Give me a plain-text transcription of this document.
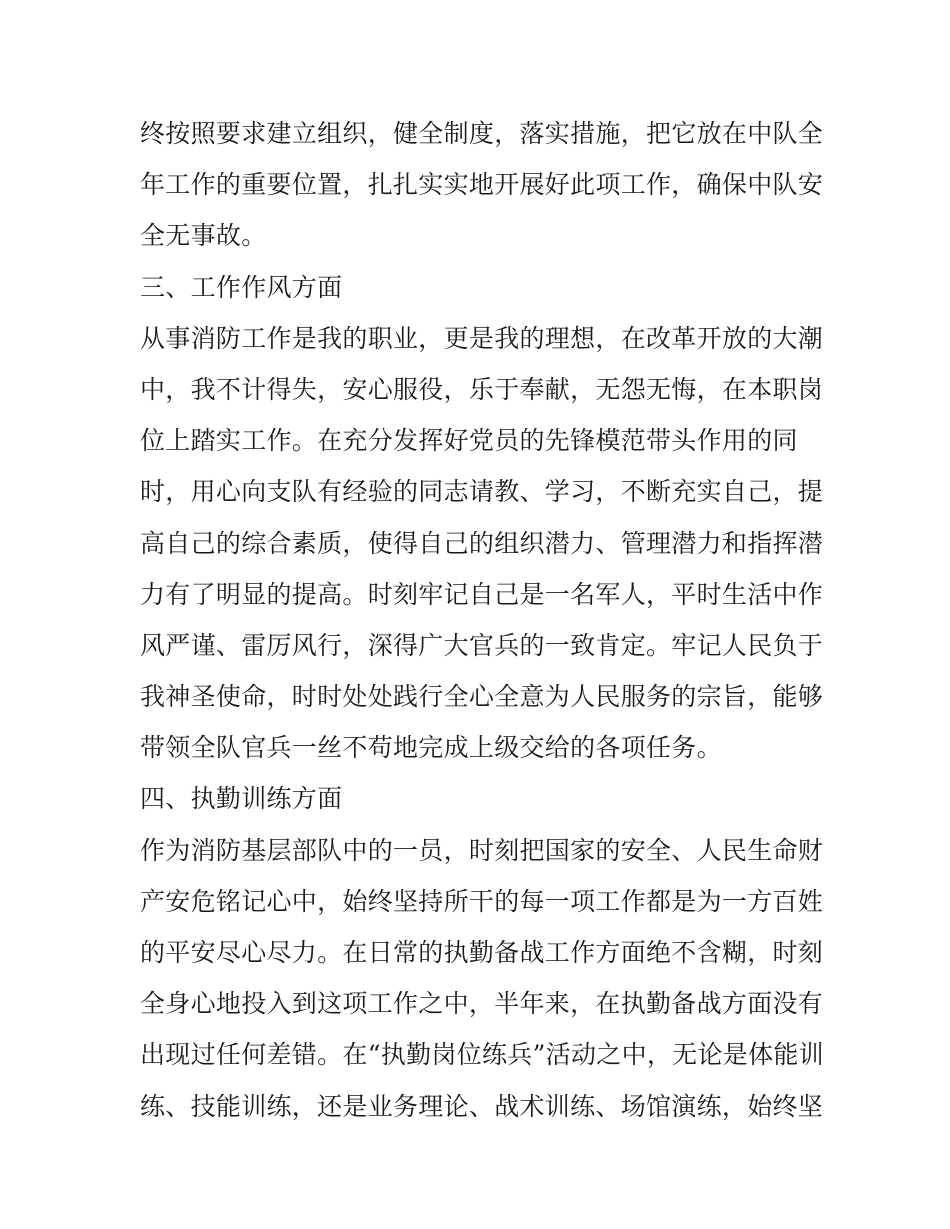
终按照要求建立组织，健全制度，落实措施，把它放在中队全
年工作的重要位置，扎扎实实地开展好此项工作，确保中队安
全无事故。
三、工作作风方面
从事消防工作是我的职业，更是我的理想，在改革开放的大潮
中，我不计得失，安心服役，乐于奉献，无怨无悔，在本职岗
位上踏实工作。在充分发挥好党员的先锋模范带头作用的同
时，用心向支队有经验的同志请教、学习，不断充实自己，提
高自己的综合素质，使得自己的组织潜力、管理潜力和指挥潜
力有了明显的提高。时刻牢记自己是一名军人，平时生活中作
风严谨、雷厉风行，深得广大官兵的一致肯定。牢记人民负于
我神圣使命，时时处处践行全心全意为人民服务的宗旨，能够
带领全队官兵一丝不苟地完成上级交给的各项任务。
四、执勤训练方面
作为消防基层部队中的一员，时刻把国家的安全、人民生命财
产安危铭记心中，始终坚持所干的每一项工作都是为一方百姓
的平安尽心尽力。在日常的执勤备战工作方面绝不含糊，时刻
全身心地投入到这项工作之中，半年来，在执勤备战方面没有
出现过任何差错。在“执勤岗位练兵”活动之中，无论是体能训
练、技能训练，还是业务理论、战术训练、场馆演练，始终坚
